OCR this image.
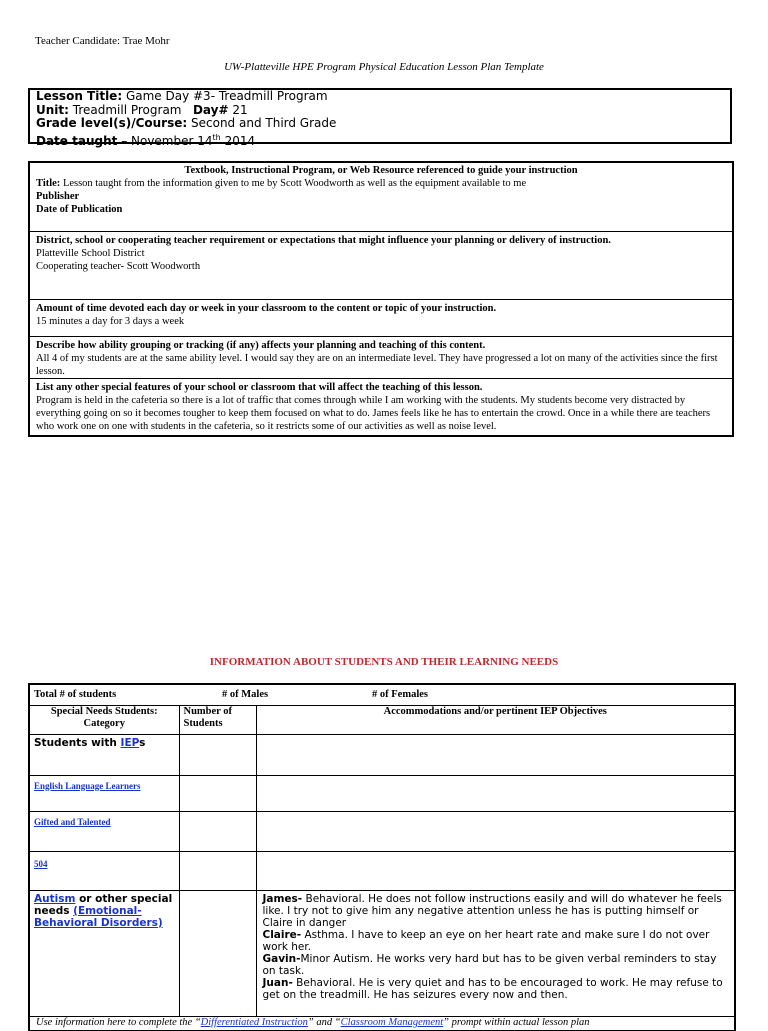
Teacher Candidate: Trae Mohr
UW-Platteville HPE Program Physical Education Lesson Plan Template
Lesson Title: Game Day #3- Treadmill Program
Unit: Treadmill Program Day# 21
Grade level(s)/Course: Second and Third Grade
Date taught – November 14th 2014
Textbook, Instructional Program, or Web Resource referenced to guide your instruction
Title: Lesson taught from the information given to me by Scott Woodworth as well as the equipment available to me
Publisher
Date of Publication
District, school or cooperating teacher requirement or expectations that might influence your planning or delivery of instruction.
Platteville School District
Cooperating teacher- Scott Woodworth
Amount of time devoted each day or week in your classroom to the content or topic of your instruction.
15 minutes a day for 3 days a week
Describe how ability grouping or tracking (if any) affects your planning and teaching of this content.
All 4 of my students are at the same ability level. I would say they are on an intermediate level. They have progressed a lot on many of the activities since the first lesson.
List any other special features of your school or classroom that will affect the teaching of this lesson.
Program is held in the cafeteria so there is a lot of traffic that comes through while I am working with the students. My students become very distracted by everything going on so it becomes tougher to keep them focused on what to do. James feels like he has to entertain the crowd. Once in a while there are teachers who work one on one with students in the cafeteria, so it restricts some of our activities as well as noise level.
INFORMATION ABOUT STUDENTS AND THEIR LEARNING NEEDS
Total # of students # of Males # of Females		
Special Needs Students: Category	Number of Students	Accommodations and/or pertinent IEP Objectives
Students with IEPs		
English Language Learners		
Gifted and Talented		
504		
Autism or other special needs (Emotional-Behavioral Disorders)		James- Behavioral. He does not follow instructions easily and will do whatever he feels like. I try not to give him any negative attention unless he has is putting himself or Claire in danger
Claire- Asthma. I have to keep an eye on her heart rate and make sure I do not over work her.
Gavin-Minor Autism. He works very hard but has to be given verbal reminders to stay on task.
Juan- Behavioral. He is very quiet and has to be encouraged to work. He may refuse to get on the treadmill. He has seizures every now and then.

Use information here to complete the “Differentiated Instruction” and “Classroom Management” prompt within actual lesson plan		
